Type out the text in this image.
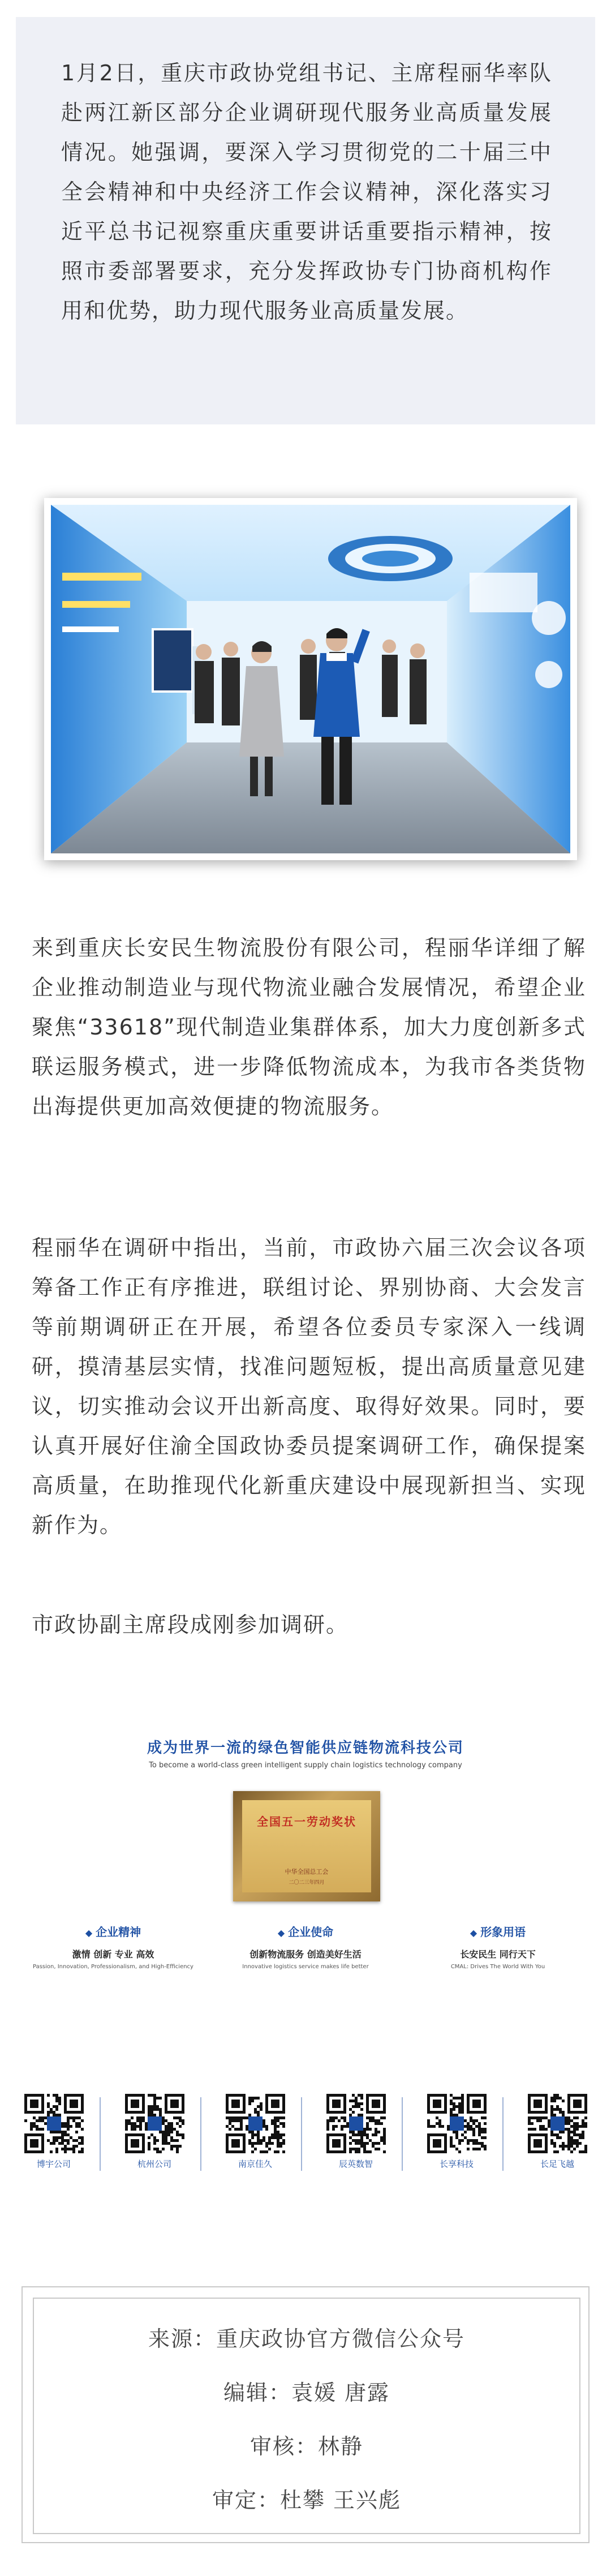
1月2日，重庆市政协党组书记、主席程丽华率队赴两江新区部分企业调研现代服务业高质量发展情况。她强调，要深入学习贯彻党的二十届三中全会精神和中央经济工作会议精神，深化落实习近平总书记视察重庆重要讲话重要指示精神，按照市委部署要求，充分发挥政协专门协商机构作用和优势，助力现代服务业高质量发展。

来到重庆长安民生物流股份有限公司，程丽华详细了解企业推动制造业与现代物流业融合发展情况，希望企业聚焦“33618”现代制造业集群体系，加大力度创新多式联运服务模式，进一步降低物流成本，为我市各类货物出海提供更加高效便捷的物流服务。

程丽华在调研中指出，当前，市政协六届三次会议各项筹备工作正有序推进，联组讨论、界别协商、大会发言等前期调研正在开展，希望各位委员专家深入一线调研，摸清基层实情，找准问题短板，提出高质量意见建议，切实推动会议开出新高度、取得好效果。同时，要认真开展好住渝全国政协委员提案调研工作，确保提案高质量，在助推现代化新重庆建设中展现新担当、实现新作为。

市政协副主席段成刚参加调研。

成为世界一流的绿色智能供应链物流科技公司
To become a world-class green intelligent supply chain logistics technology company
全国五一劳动奖状
中华全国总工会
二〇二三年四月
◆ 企业精神
激情 创新 专业 高效
Passion, Innovation, Professionalism, and High-Efficiency
◆ 企业使命
创新物流服务 创造美好生活
Innovative logistics service makes life better
◆ 形象用语
长安民生 同行天下
CMAL: Drives The World With You
博宇公司	杭州公司	南京佳久	辰英数智	长享科技	长足飞越
来源：重庆政协官方微信公众号
编辑：袁媛 唐露
审核：林静
审定：杜攀 王兴彪
